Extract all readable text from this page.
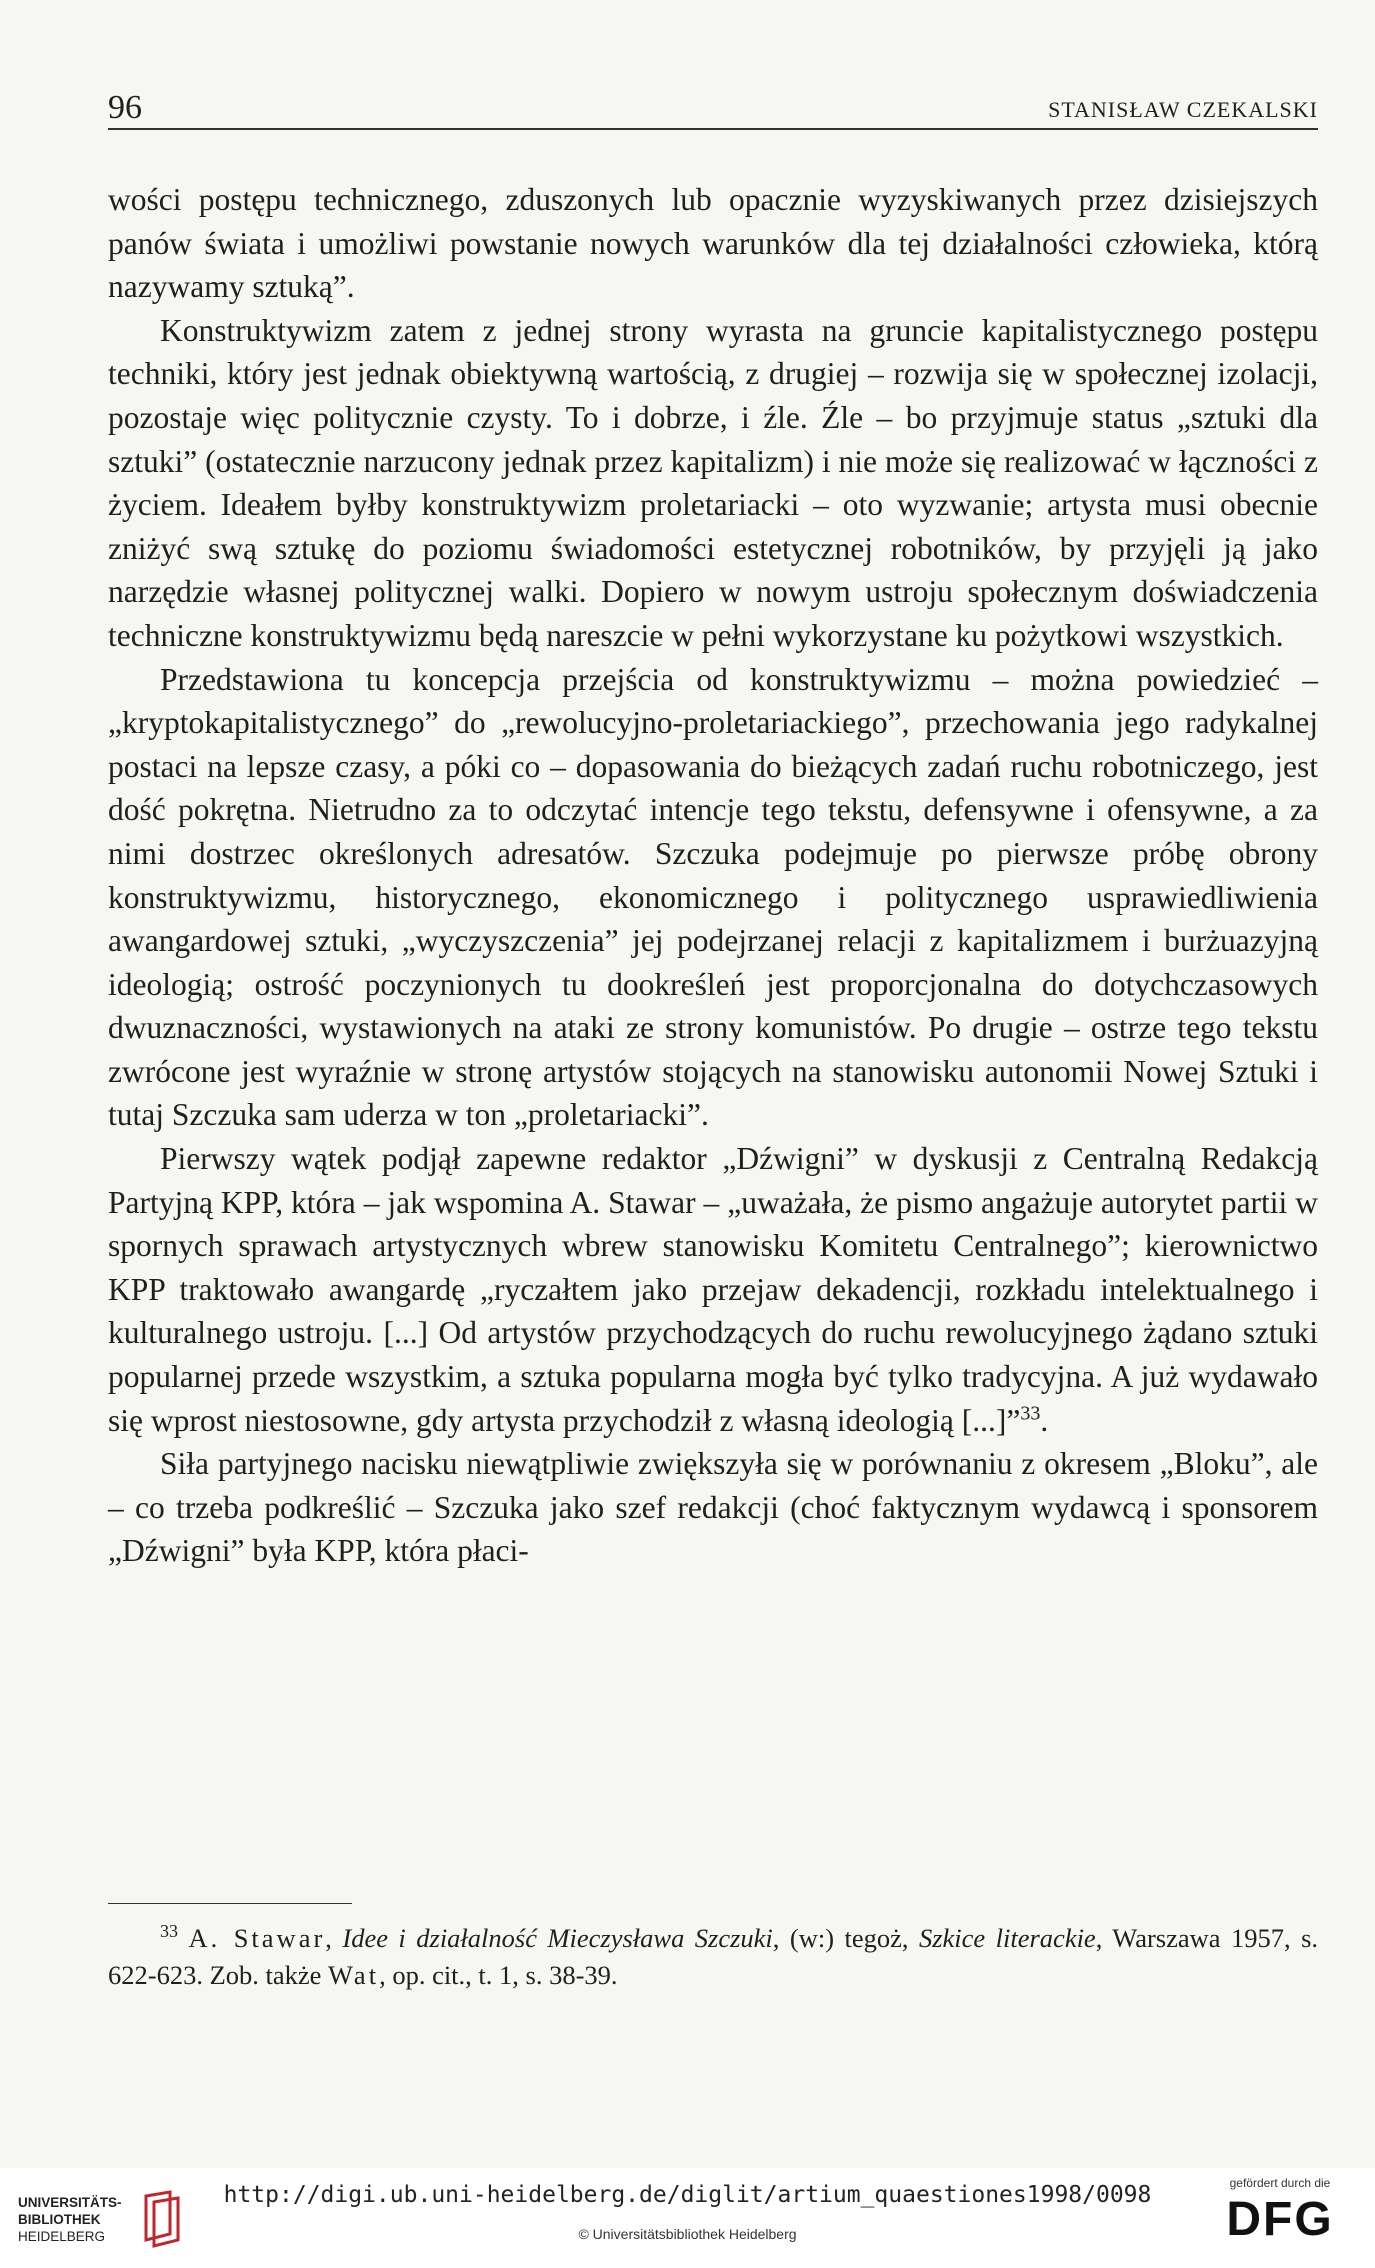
96	STANISŁAW CZEKALSKI

wości postępu technicznego, zduszonych lub opacznie wyzyskiwanych przez dzisiejszych panów świata i umożliwi powstanie nowych warunków dla tej działalności człowieka, którą nazywamy sztuką”.

Konstruktywizm zatem z jednej strony wyrasta na gruncie kapitalistycznego postępu techniki, który jest jednak obiektywną wartością, z drugiej – rozwija się w społecznej izolacji, pozostaje więc politycznie czysty. To i dobrze, i źle. Źle – bo przyjmuje status „sztuki dla sztuki” (ostatecznie narzucony jednak przez kapitalizm) i nie może się realizować w łączności z życiem. Ideałem byłby konstruktywizm proletariacki – oto wyzwanie; artysta musi obecnie zniżyć swą sztukę do poziomu świadomości estetycznej robotników, by przyjęli ją jako narzędzie własnej politycznej walki. Dopiero w nowym ustroju społecznym doświadczenia techniczne konstruktywizmu będą nareszcie w pełni wykorzystane ku pożytkowi wszystkich.

Przedstawiona tu koncepcja przejścia od konstruktywizmu – można powiedzieć – „kryptokapitalistycznego” do „rewolucyjno-proletariackiego”, przechowania jego radykalnej postaci na lepsze czasy, a póki co – dopasowania do bieżących zadań ruchu robotniczego, jest dość pokrętna. Nietrudno za to odczytać intencje tego tekstu, defensywne i ofensywne, a za nimi dostrzec określonych adresatów. Szczuka podejmuje po pierwsze próbę obrony konstruktywizmu, historycznego, ekonomicznego i politycznego usprawiedliwienia awangardowej sztuki, „wyczyszczenia” jej podejrzanej relacji z kapitalizmem i burżuazyjną ideologią; ostrość poczynionych tu dookreśleń jest proporcjonalna do dotychczasowych dwuznaczności, wystawionych na ataki ze strony komunistów. Po drugie – ostrze tego tekstu zwrócone jest wyraźnie w stronę artystów stojących na stanowisku autonomii Nowej Sztuki i tutaj Szczuka sam uderza w ton „proletariacki”.

Pierwszy wątek podjął zapewne redaktor „Dźwigni” w dyskusji z Centralną Redakcją Partyjną KPP, która – jak wspomina A. Stawar – „uważała, że pismo angażuje autorytet partii w spornych sprawach artystycznych wbrew stanowisku Komitetu Centralnego”; kierownictwo KPP traktowało awangardę „ryczałtem jako przejaw dekadencji, rozkładu intelektualnego i kulturalnego ustroju. [...] Od artystów przychodzących do ruchu rewolucyjnego żądano sztuki popularnej przede wszystkim, a sztuka popularna mogła być tylko tradycyjna. A już wydawało się wprost niestosowne, gdy artysta przychodził z własną ideologią [...]”$^{33}$.

Siła partyjnego nacisku niewątpliwie zwiększyła się w porównaniu z okresem „Bloku”, ale – co trzeba podkreślić – Szczuka jako szef redakcji (choć faktycznym wydawcą i sponsorem „Dźwigni” była KPP, która płaci-

$^{33}$ A. Stawar, Idee i działalność Mieczysława Szczuki, (w:) tegoż, Szkice literackie, Warszawa 1957, s. 622-623. Zob. także Wat, op. cit., t. 1, s. 38-39.
UNIVERSITÄTS-
BIBLIOTHEK
HEIDELBERG
http://digi.ub.uni-heidelberg.de/diglit/artium_quaestiones1998/0098
© Universitätsbibliothek Heidelberg
gefördert durch die
DFG
